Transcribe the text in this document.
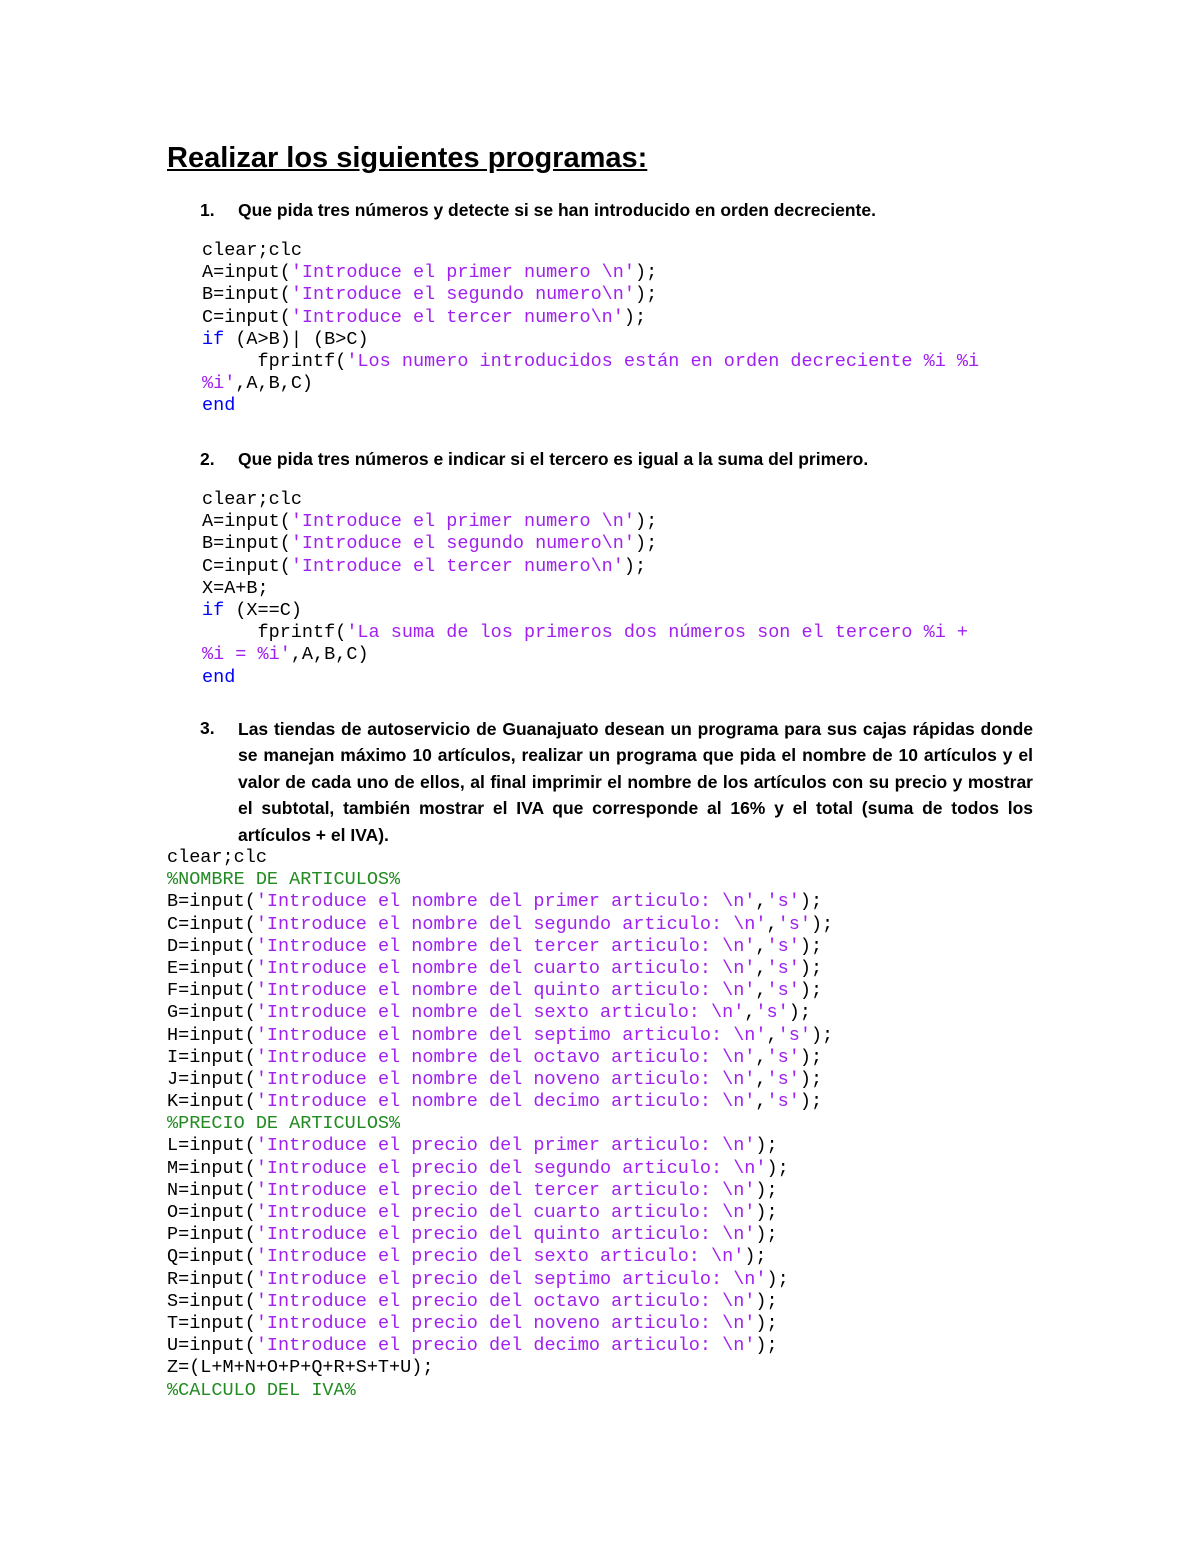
Realizar los siguientes programas:
1. Que pida tres números y detecte si se han introducido en orden decreciente.
clear;clc
A=input('Introduce el primer numero \n');
B=input('Introduce el segundo numero\n');
C=input('Introduce el tercer numero\n');
if (A>B)| (B>C)
fprintf('Los numero introducidos están en orden decreciente %i %i
%i',A,B,C)
end
2. Que pida tres números e indicar si el tercero es igual a la suma del primero.
clear;clc
A=input('Introduce el primer numero \n');
B=input('Introduce el segundo numero\n');
C=input('Introduce el tercer numero\n');
X=A+B;
if (X==C)
fprintf('La suma de los primeros dos números son el tercero %i +
%i = %i',A,B,C)
end
3. Las tiendas de autoservicio de Guanajuato desean un programa para sus cajas rápidas donde se manejan máximo 10 artículos, realizar un programa que pida el nombre de 10 artículos y el valor de cada uno de ellos, al final imprimir el nombre de los artículos con su precio y mostrar el subtotal, también mostrar el IVA que corresponde al 16% y el total (suma de todos los artículos + el IVA).

clear;clc
%NOMBRE DE ARTICULOS%
B=input('Introduce el nombre del primer articulo: \n','s');
C=input('Introduce el nombre del segundo articulo: \n','s');
D=input('Introduce el nombre del tercer articulo: \n','s');
E=input('Introduce el nombre del cuarto articulo: \n','s');
F=input('Introduce el nombre del quinto articulo: \n','s');
G=input('Introduce el nombre del sexto articulo: \n','s');
H=input('Introduce el nombre del septimo articulo: \n','s');
I=input('Introduce el nombre del octavo articulo: \n','s');
J=input('Introduce el nombre del noveno articulo: \n','s');
K=input('Introduce el nombre del decimo articulo: \n','s');
%PRECIO DE ARTICULOS%
L=input('Introduce el precio del primer articulo: \n');
M=input('Introduce el precio del segundo articulo: \n');
N=input('Introduce el precio del tercer articulo: \n');
O=input('Introduce el precio del cuarto articulo: \n');
P=input('Introduce el precio del quinto articulo: \n');
Q=input('Introduce el precio del sexto articulo: \n');
R=input('Introduce el precio del septimo articulo: \n');
S=input('Introduce el precio del octavo articulo: \n');
T=input('Introduce el precio del noveno articulo: \n');
U=input('Introduce el precio del decimo articulo: \n');
Z=(L+M+N+O+P+Q+R+S+T+U);
%CALCULO DEL IVA%
